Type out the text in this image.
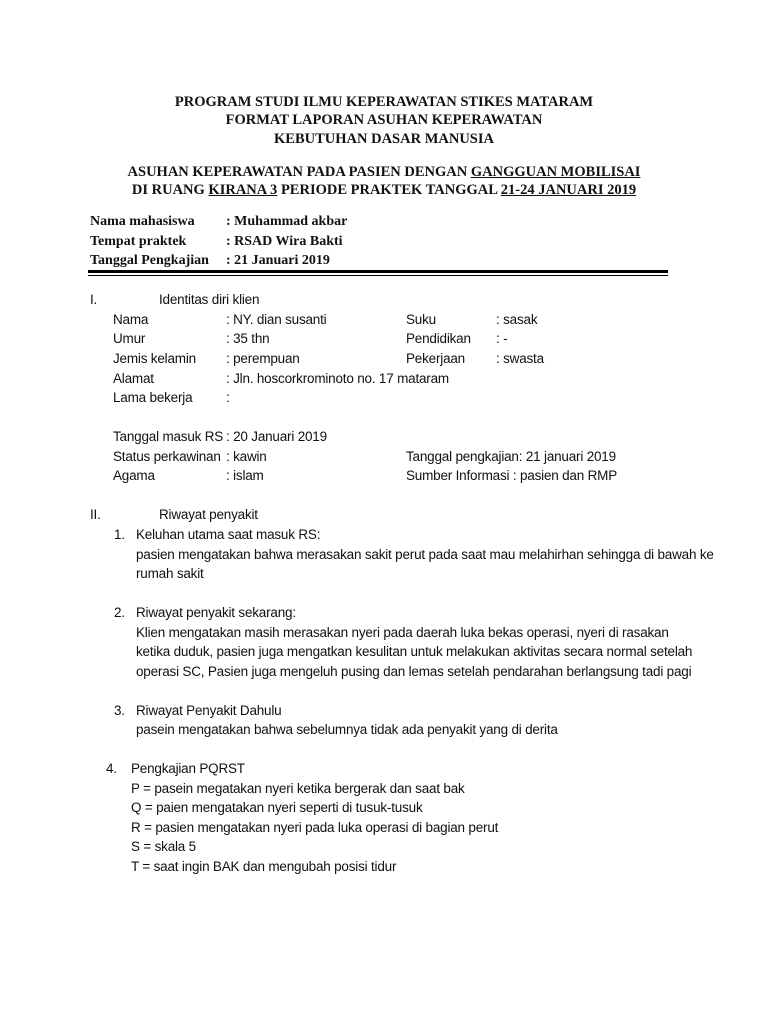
PROGRAM STUDI ILMU KEPERAWATAN STIKES MATARAM
FORMAT LAPORAN ASUHAN KEPERAWATAN
KEBUTUHAN DASAR MANUSIA
ASUHAN KEPERAWATAN PADA PASIEN DENGAN GANGGUAN MOBILISAI
DI RUANG KIRANA 3 PERIODE PRAKTEK TANGGAL 21-24 JANUARI 2019
Nama mahasiswa : Muhammad akbar
Tempat praktek	: RSAD Wira Bakti
Tanggal Pengkajian : 21 Januari 2019
I.	Identitas diri klien
Nama	: NY. dian susanti	Suku	: sasak
Umur	: 35 thn	Pendidikan : -
Jemis kelamin : perempuan	Pekerjaan : swasta
Alamat	: Jln. hoscorkrominoto no. 17 mataram
Lama bekerja :
Tanggal masuk RS : 20 Januari 2019
Status perkawinan : kawin	Tanggal pengkajian: 21 januari 2019
Agama	: islam	Sumber Informasi : pasien dan RMP
II.	Riwayat penyakit
1. Keluhan utama saat masuk RS:
pasien mengatakan bahwa merasakan sakit perut pada saat mau melahirhan sehingga di bawah ke
rumah sakit
2. Riwayat penyakit sekarang:
Klien mengatakan masih merasakan nyeri pada daerah luka bekas operasi, nyeri di rasakan
ketika duduk, pasien juga mengatkan kesulitan untuk melakukan aktivitas secara normal setelah
operasi SC, Pasien juga mengeluh pusing dan lemas setelah pendarahan berlangsung tadi pagi
3. Riwayat Penyakit Dahulu
pasein mengatakan bahwa sebelumnya tidak ada penyakit yang di derita
4. Pengkajian PQRST
P = pasein megatakan nyeri ketika bergerak dan saat bak
Q = paien mengatakan nyeri seperti di tusuk-tusuk
R = pasien mengatakan nyeri pada luka operasi di bagian perut
S = skala 5
T = saat ingin BAK dan mengubah posisi tidur
